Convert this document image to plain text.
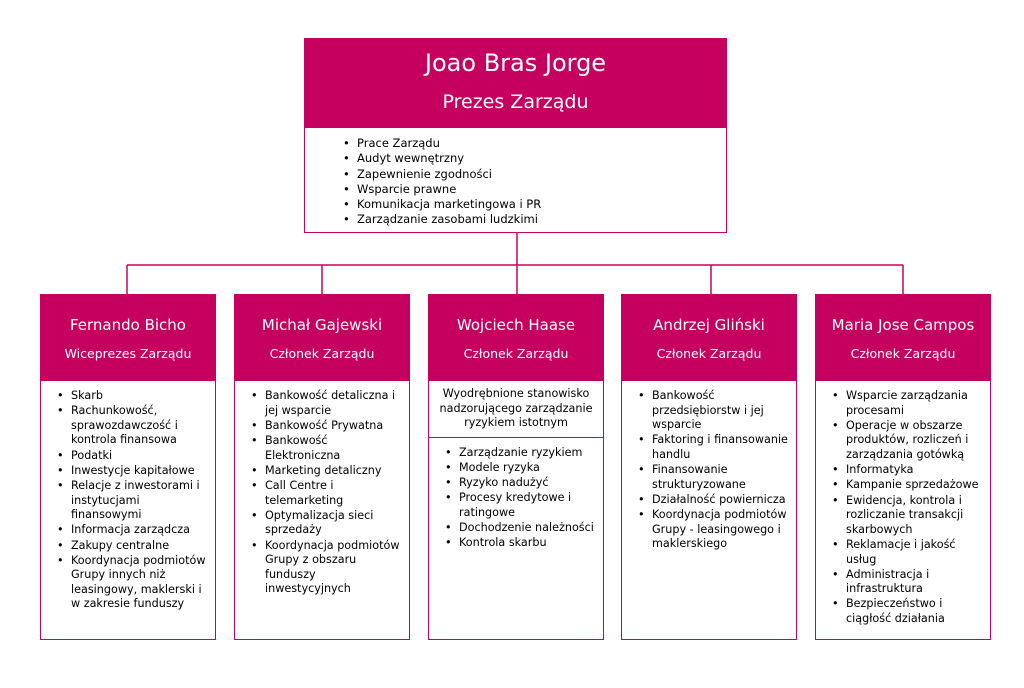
Joao Bras Jorge
Prezes Zarządu
• Prace Zarządu
• Audyt wewnętrzny
• Zapewnienie zgodności
• Wsparcie prawne
• Komunikacja marketingowa i PR
• Zarządzanie zasobami ludzkimi
Fernando Bicho
Wiceprezes Zarządu
• Skarb
• Rachunkowość, sprawozdawczość i kontrola finansowa
• Podatki
• Inwestycje kapitałowe
• Relacje z inwestorami i instytucjami finansowymi
• Informacja zarządcza
• Zakupy centralne
• Koordynacja podmiotów Grupy innych niż leasingowy, maklerski i w zakresie funduszy
Michał Gajewski
Członek Zarządu
• Bankowość detaliczna i jej wsparcie
• Bankowość Prywatna
• Bankowość Elektroniczna
• Marketing detaliczny
• Call Centre i telemarketing
• Optymalizacja sieci sprzedaży
• Koordynacja podmiotów Grupy z obszaru funduszy inwestycyjnych
Wojciech Haase
Członek Zarządu
Wyodrębnione stanowisko nadzorującego zarządzanie ryzykiem istotnym
• Zarządzanie ryzykiem
• Modele ryzyka
• Ryzyko nadużyć
• Procesy kredytowe i ratingowe
• Dochodzenie należności
• Kontrola skarbu
Andrzej Gliński
Członek Zarządu
• Bankowość przedsiębiorstw i jej wsparcie
• Faktoring i finansowanie handlu
• Finansowanie strukturyzowane
• Działalność powiernicza
• Koordynacja podmiotów Grupy - leasingowego i maklerskiego
Maria Jose Campos
Członek Zarządu
• Wsparcie zarządzania procesami
• Operacje w obszarze produktów, rozliczeń i zarządzania gotówką
• Informatyka
• Kampanie sprzedażowe
• Ewidencja, kontrola i rozliczanie transakcji skarbowych
• Reklamacje i jakość usług
• Administracja i infrastruktura
• Bezpieczeństwo i ciągłość działania
